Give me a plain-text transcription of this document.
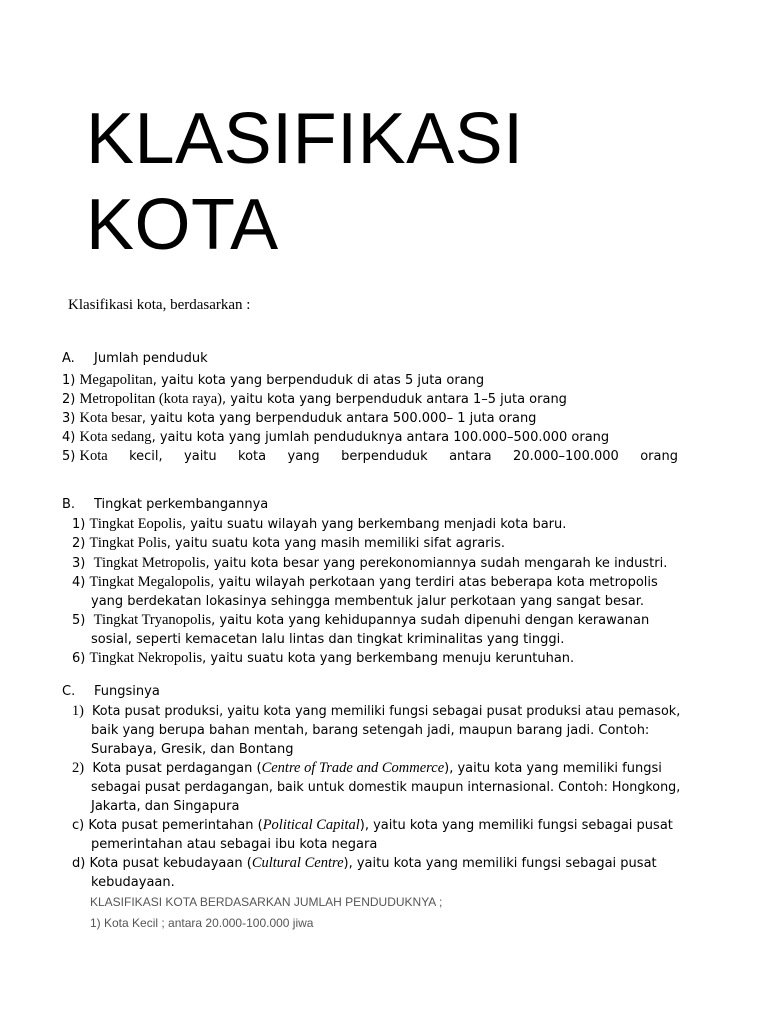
KLASIFIKASI
KOTA
Klasifikasi kota, berdasarkan :
A. Jumlah penduduk
1) Megapolitan, yaitu kota yang berpenduduk di atas 5 juta orang
2) Metropolitan (kota raya), yaitu kota yang berpenduduk antara 1–5 juta orang
3) Kota besar, yaitu kota yang berpenduduk antara 500.000– 1 juta orang
4) Kota sedang, yaitu kota yang jumlah penduduknya antara 100.000–500.000 orang
5) Kota kecil, yaitu kota yang berpenduduk antara 20.000–100.000 orang
B. Tingkat perkembangannya
1) Tingkat Eopolis, yaitu suatu wilayah yang berkembang menjadi kota baru.
2) Tingkat Polis, yaitu suatu kota yang masih memiliki sifat agraris.
3) Tingkat Metropolis, yaitu kota besar yang perekonomiannya sudah mengarah ke industri.
4) Tingkat Megalopolis, yaitu wilayah perkotaan yang terdiri atas beberapa kota metropolis
yang berdekatan lokasinya sehingga membentuk jalur perkotaan yang sangat besar.
5) Tingkat Tryanopolis, yaitu kota yang kehidupannya sudah dipenuhi dengan kerawanan
sosial, seperti kemacetan lalu lintas dan tingkat kriminalitas yang tinggi.
6) Tingkat Nekropolis, yaitu suatu kota yang berkembang menuju keruntuhan.
C. Fungsinya
1) Kota pusat produksi, yaitu kota yang memiliki fungsi sebagai pusat produksi atau pemasok,
baik yang berupa bahan mentah, barang setengah jadi, maupun barang jadi. Contoh:
Surabaya, Gresik, dan Bontang
2) Kota pusat perdagangan (Centre of Trade and Commerce), yaitu kota yang memiliki fungsi
sebagai pusat perdagangan, baik untuk domestik maupun internasional. Contoh: Hongkong,
Jakarta, dan Singapura
c) Kota pusat pemerintahan (Political Capital), yaitu kota yang memiliki fungsi sebagai pusat
pemerintahan atau sebagai ibu kota negara
d) Kota pusat kebudayaan (Cultural Centre), yaitu kota yang memiliki fungsi sebagai pusat
kebudayaan.
KLASIFIKASI KOTA BERDASARKAN JUMLAH PENDUDUKNYA ;
1) Kota Kecil ; antara 20.000-100.000 jiwa
